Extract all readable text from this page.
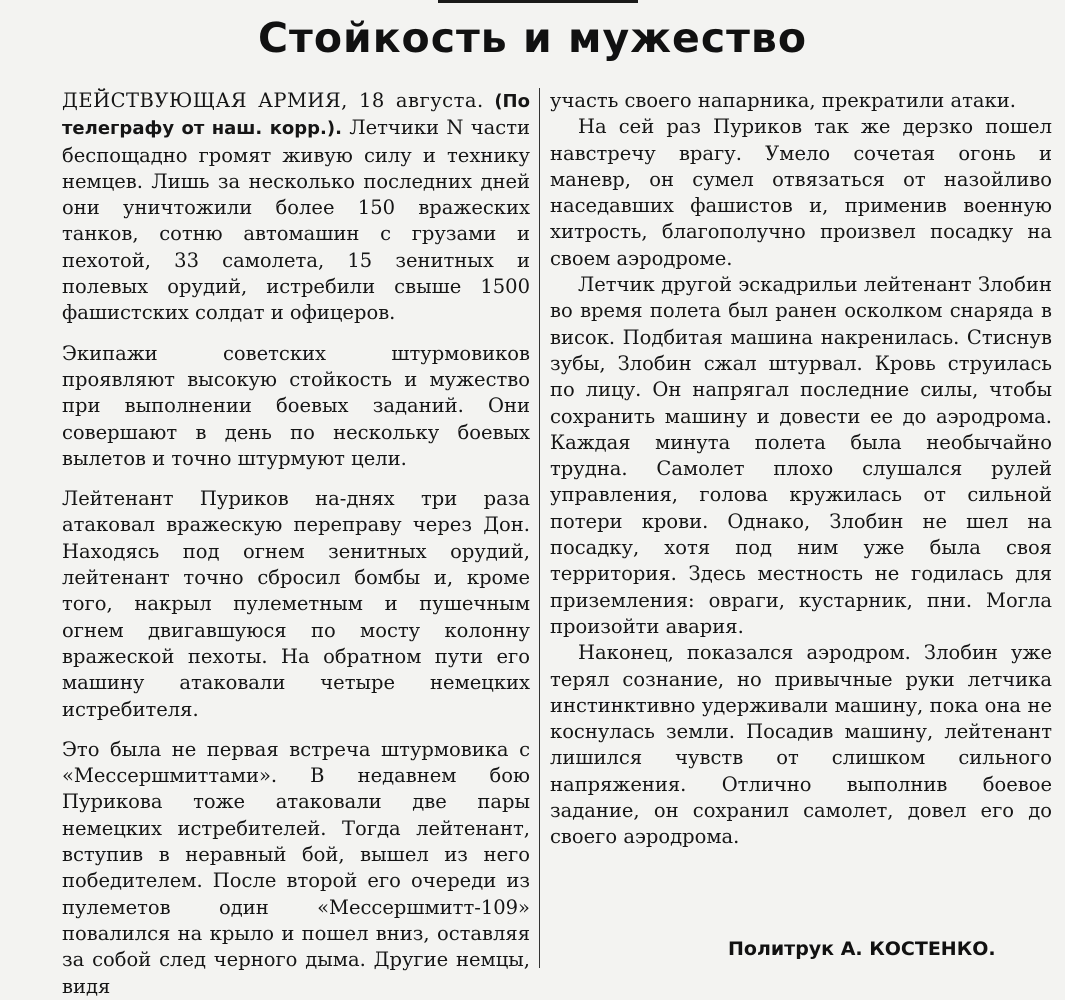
Стойкость и мужество

ДЕЙСТВУЮЩАЯ АРМИЯ, 18 августа. (По телеграфу от наш. корр.). Летчики N части беспощадно громят живую силу и технику немцев. Лишь за несколько последних дней они уничтожили более 150 вражеских танков, сотню автомашин с грузами и пехотой, 33 самолета, 15 зенитных и полевых орудий, истребили свыше 1500 фашистских солдат и офицеров.

Экипажи советских штурмовиков проявляют высокую стойкость и мужество при выполнении боевых заданий. Они совершают в день по нескольку боевых вылетов и точно штурмуют цели.

Лейтенант Пуриков на-днях три раза атаковал вражескую переправу через Дон. Находясь под огнем зенитных орудий, лейтенант точно сбросил бомбы и, кроме того, накрыл пулеметным и пушечным огнем двигавшуюся по мосту колонну вражеской пехоты. На обратном пути его машину атаковали четыре немецких истребителя.

Это была не первая встреча штурмовика с «Мессершмиттами». В недавнем бою Пурикова тоже атаковали две пары немецких истребителей. Тогда лейтенант, вступив в неравный бой, вышел из него победителем. После второй его очереди из пулеметов один «Мессершмитт-109» повалился на крыло и пошел вниз, оставляя за собой след черного дыма. Другие немцы, видя

участь своего напарника, прекратили атаки.

На сей раз Пуриков так же дерзко пошел навстречу врагу. Умело сочетая огонь и маневр, он сумел отвязаться от назойливо наседавших фашистов и, применив военную хитрость, благополучно произвел посадку на своем аэродроме.

Летчик другой эскадрильи лейтенант Злобин во время полета был ранен осколком снаряда в висок. Подбитая машина накренилась. Стиснув зубы, Злобин сжал штурвал. Кровь струилась по лицу. Он напрягал последние силы, чтобы сохранить машину и довести ее до аэродрома. Каждая минута полета была необычайно трудна. Самолет плохо слушался рулей управления, голова кружилась от сильной потери крови. Однако, Злобин не шел на посадку, хотя под ним уже была своя территория. Здесь местность не годилась для приземления: овраги, кустарник, пни. Могла произойти авария.

Наконец, показался аэродром. Злобин уже терял сознание, но привычные руки летчика инстинктивно удерживали машину, пока она не коснулась земли. Посадив машину, лейтенант лишился чувств от слишком сильного напряжения. Отлично выполнив боевое задание, он сохранил самолет, довел его до своего аэродрома.

Политрук А. КОСТЕНКО.
